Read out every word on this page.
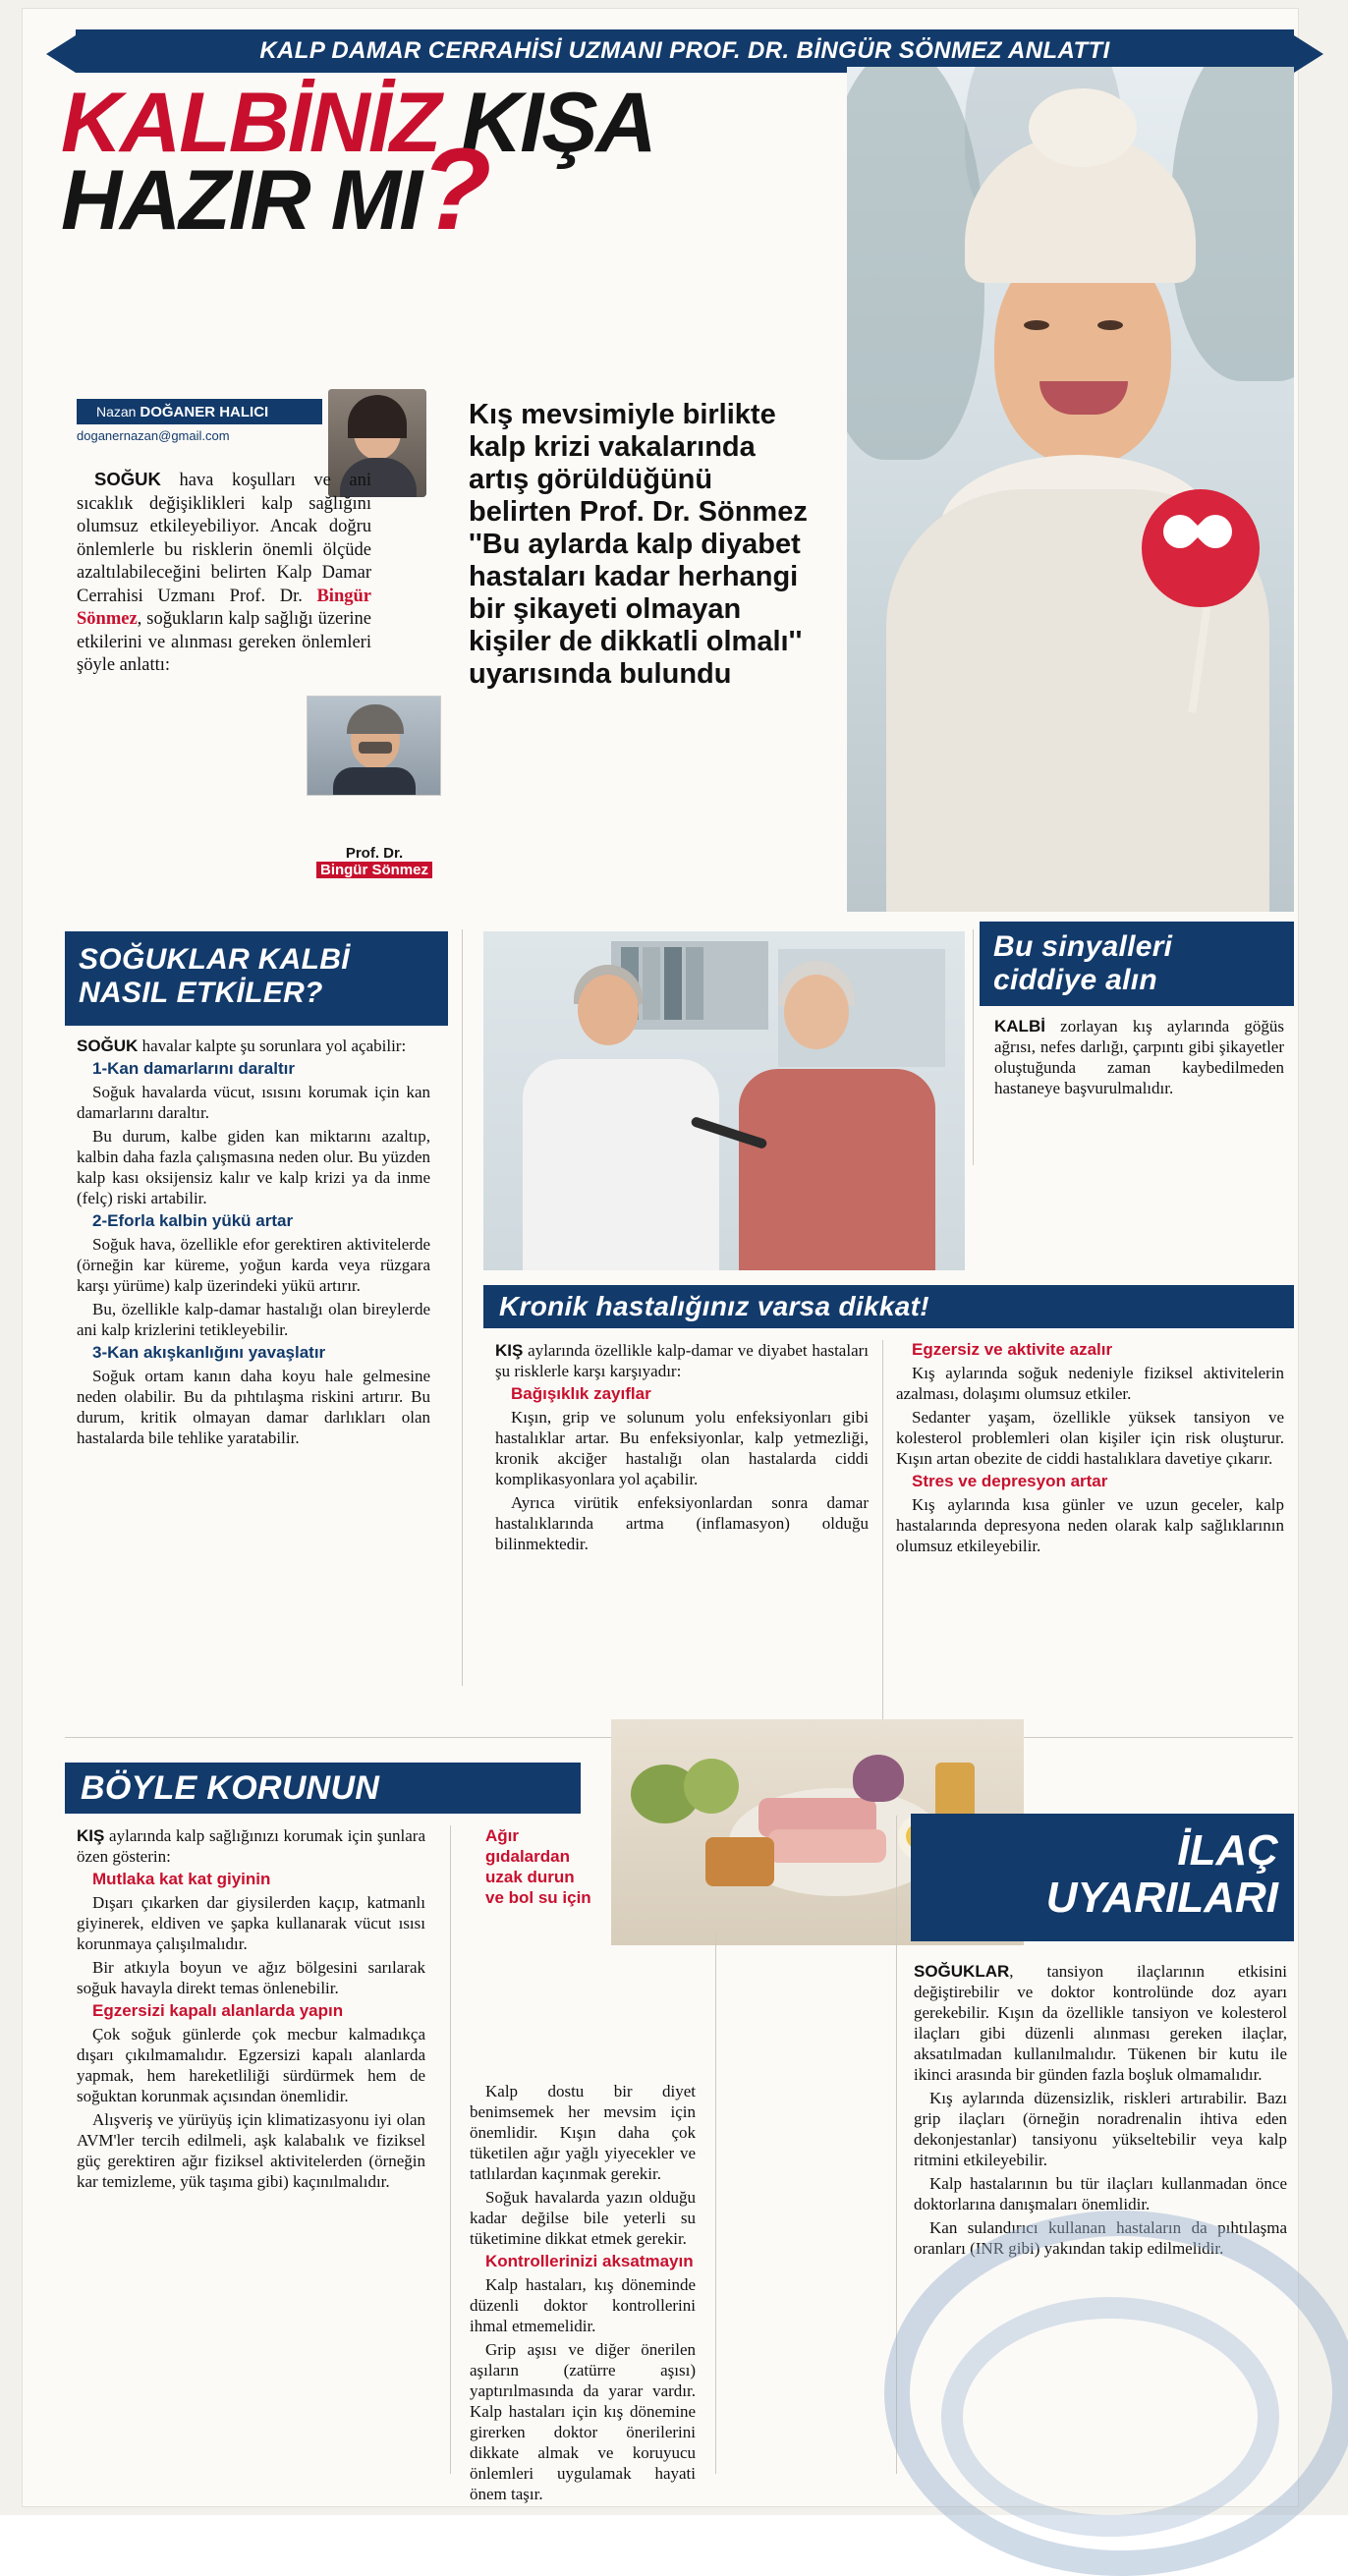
KALP DAMAR CERRAHİSİ UZMANI PROF. DR. BİNGÜR SÖNMEZ ANLATTI
KALBİNİZ KIŞA
HAZIR MI?
Nazan DOĞANER HALICI
doganernazan@gmail.com

SOĞUK hava koşulları ve ani sıcaklık değişiklikleri kalp sağlığını olumsuz etkileyebiliyor. Ancak doğru önlemlerle bu risklerin önemli ölçüde azaltılabileceğini belirten Kalp Damar Cerrahisi Uzmanı Prof. Dr. Bingür Sönmez, soğukların kalp sağlığı üzerine etkilerini ve alınması gereken önlemleri şöyle anlattı:

Prof. Dr.
Bingür Sönmez
Kış mevsimiyle birlikte kalp krizi vakalarında artış görüldüğünü belirten Prof. Dr. Sönmez ''Bu aylarda kalp diyabet hastaları kadar herhangi bir şikayeti olmayan kişiler de dikkatli olmalı'' uyarısında bulundu
SOĞUKLAR KALBİ
NASIL ETKİLER?

SOĞUK havalar kalpte şu sorunlara yol açabilir:

1-Kan damarlarını daraltır

Soğuk havalarda vücut, ısısını korumak için kan damarlarını daraltır.

Bu durum, kalbe giden kan miktarını azaltıp, kalbin daha fazla çalışmasına neden olur. Bu yüzden kalp kası oksijensiz kalır ve kalp krizi ya da inme (felç) riski artabilir.

2-Eforla kalbin yükü artar

Soğuk hava, özellikle efor gerektiren aktivitelerde (örneğin kar küreme, yoğun karda veya rüzgara karşı yürüme) kalp üzerindeki yükü artırır.

Bu, özellikle kalp-damar hastalığı olan bireylerde ani kalp krizlerini tetikleyebilir.

3-Kan akışkanlığını yavaşlatır

Soğuk ortam kanın daha koyu hale gelmesine neden olabilir. Bu da pıhtılaşma riskini artırır. Bu durum, kritik olmayan damar darlıkları olan hastalarda bile tehlike yaratabilir.

Bu sinyalleri
ciddiye alın

KALBİ zorlayan kış aylarında göğüs ağrısı, nefes darlığı, çarpıntı gibi şikayetler oluştuğunda zaman kaybedilmeden hastaneye başvurulmalıdır.

Kronik hastalığınız varsa dikkat!

KIŞ aylarında özellikle kalp-damar ve diyabet hastaları şu risklerle karşı karşıyadır:

Bağışıklık zayıflar

Kışın, grip ve solunum yolu enfeksiyonları gibi hastalıklar artar. Bu enfeksiyonlar, kalp yetmezliği, kronik akciğer hastalığı olan hastalarda ciddi komplikasyonlara yol açabilir.

Ayrıca virütik enfeksiyonlardan sonra damar hastalıklarında artma (inflamasyon) olduğu bilinmektedir.

Egzersiz ve aktivite azalır

Kış aylarında soğuk nedeniyle fiziksel aktivitelerin azalması, dolaşımı olumsuz etkiler.

Sedanter yaşam, özellikle yüksek tansiyon ve kolesterol problemleri olan kişiler için risk oluşturur. Kışın artan obezite de ciddi hastalıklara davetiye çıkarır.

Stres ve depresyon artar

Kış aylarında kısa günler ve uzun geceler, kalp hastalarında depresyona neden olarak kalp sağlıklarının olumsuz etkileyebilir.

BÖYLE KORUNUN

KIŞ aylarında kalp sağlığınızı korumak için şunlara özen gösterin:

Mutlaka kat kat giyinin

Dışarı çıkarken dar giysilerden kaçıp, katmanlı giyinerek, eldiven ve şapka kullanarak vücut ısısı korunmaya çalışılmalıdır.

Bir atkıyla boyun ve ağız bölgesini sarılarak soğuk havayla direkt temas önlenebilir.

Egzersizi kapalı alanlarda yapın

Çok soğuk günlerde çok mecbur kalmadıkça dışarı çıkılmamalıdır. Egzersizi kapalı alanlarda yapmak, hem hareketliliği sürdürmek hem de soğuktan korunmak açısından önemlidir.

Alışveriş ve yürüyüş için klimatizasyonu iyi olan AVM'ler tercih edilmeli, aşk kalabalık ve fiziksel güç gerektiren ağır fiziksel aktivitelerden (örneğin kar temizleme, yük taşıma gibi) kaçınılmalıdır.

Ağır
gıdalardan
uzak durun
ve bol su için

Kalp dostu bir diyet benimsemek her mevsim için önemlidir. Kışın daha çok tüketilen ağır yağlı yiyecekler ve tatlılardan kaçınmak gerekir.

Soğuk havalarda yazın olduğu kadar değilse bile yeterli su tüketimine dikkat etmek gerekir.

Kontrollerinizi aksatmayın

Kalp hastaları, kış döneminde düzenli doktor kontrollerini ihmal etmemelidir.

Grip aşısı ve diğer önerilen aşıların (zatürre aşısı) yaptırılmasında da yarar vardır. Kalp hastaları için kış dönemine girerken doktor önerilerini dikkate almak ve koruyucu önlemleri uygulamak hayati önem taşır.

İLAÇ
UYARILARI

SOĞUKLAR, tansiyon ilaçlarının etkisini değiştirebilir ve doktor kontrolünde doz ayarı gerekebilir. Kışın da özellikle tansiyon ve kolesterol ilaçları gibi düzenli alınması gereken ilaçlar, aksatılmadan kullanılmalıdır. Tükenen bir kutu ile ikinci arasında bir günden fazla boşluk olmamalıdır.

Kış aylarında düzensizlik, riskleri artırabilir. Bazı grip ilaçları (örneğin noradrenalin ihtiva eden dekonjestanlar) tansiyonu yükseltebilir veya kalp ritmini etkileyebilir.

Kalp hastalarının bu tür ilaçları kullanmadan önce doktorlarına danışmaları önemlidir.

Kan sulandırıcı kullanan hastaların da pıhtılaşma oranları (INR gibi) yakından takip edilmelidir.
